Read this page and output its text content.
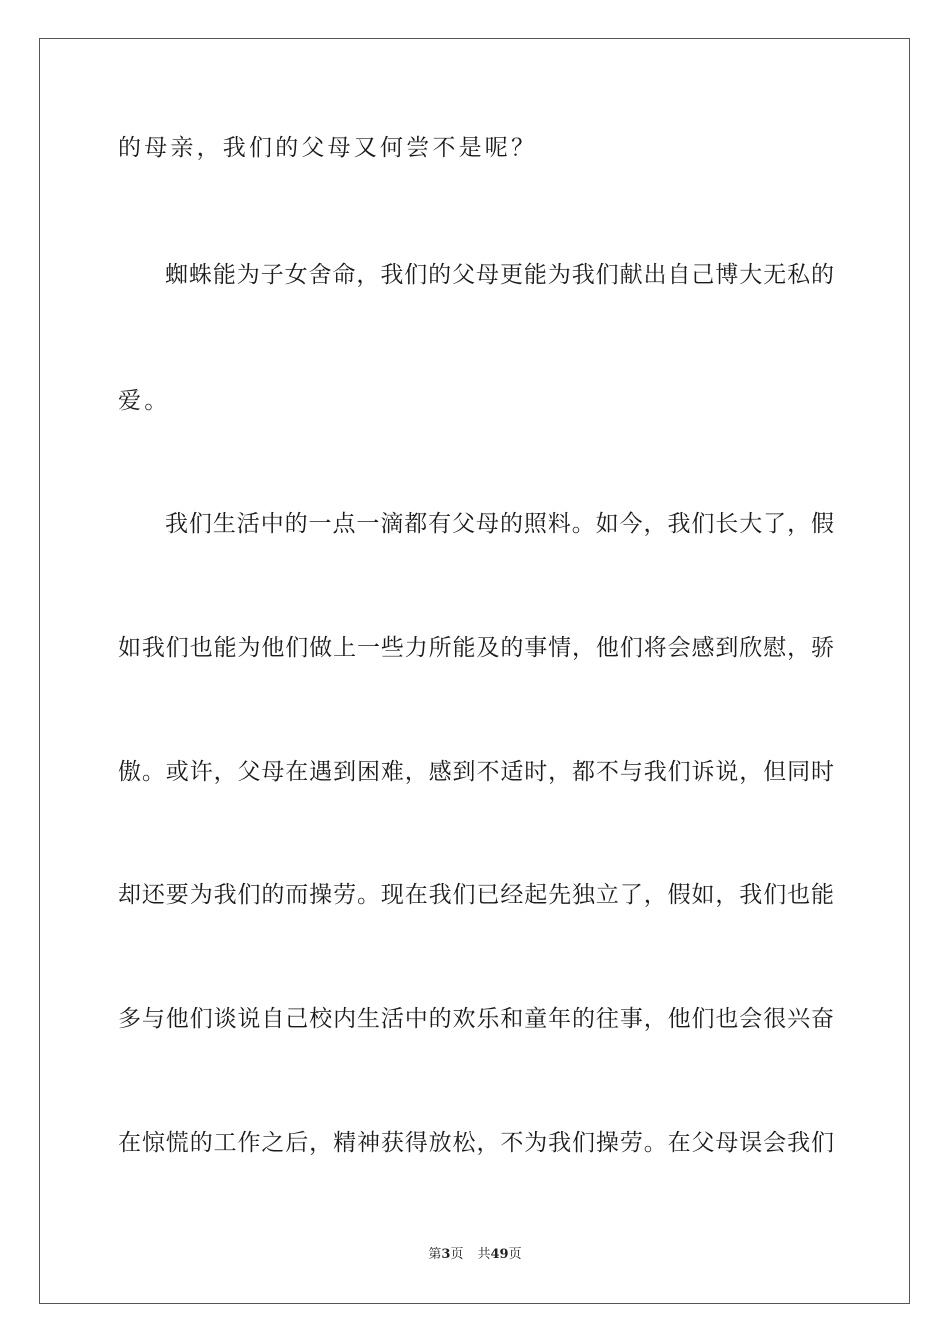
的母亲，我们的父母又何尝不是呢？
蜘蛛能为子女舍命，我们的父母更能为我们献出自己博大无私的
爱。
我们生活中的一点一滴都有父母的照料。如今，我们长大了，假
如我们也能为他们做上一些力所能及的事情，他们将会感到欣慰，骄
傲。或许，父母在遇到困难，感到不适时，都不与我们诉说，但同时
却还要为我们的而操劳。现在我们已经起先独立了，假如，我们也能
多与他们谈说自己校内生活中的欢乐和童年的往事，他们也会很兴奋
在惊慌的工作之后，精神获得放松，不为我们操劳。在父母误会我们
第3页 共49页
